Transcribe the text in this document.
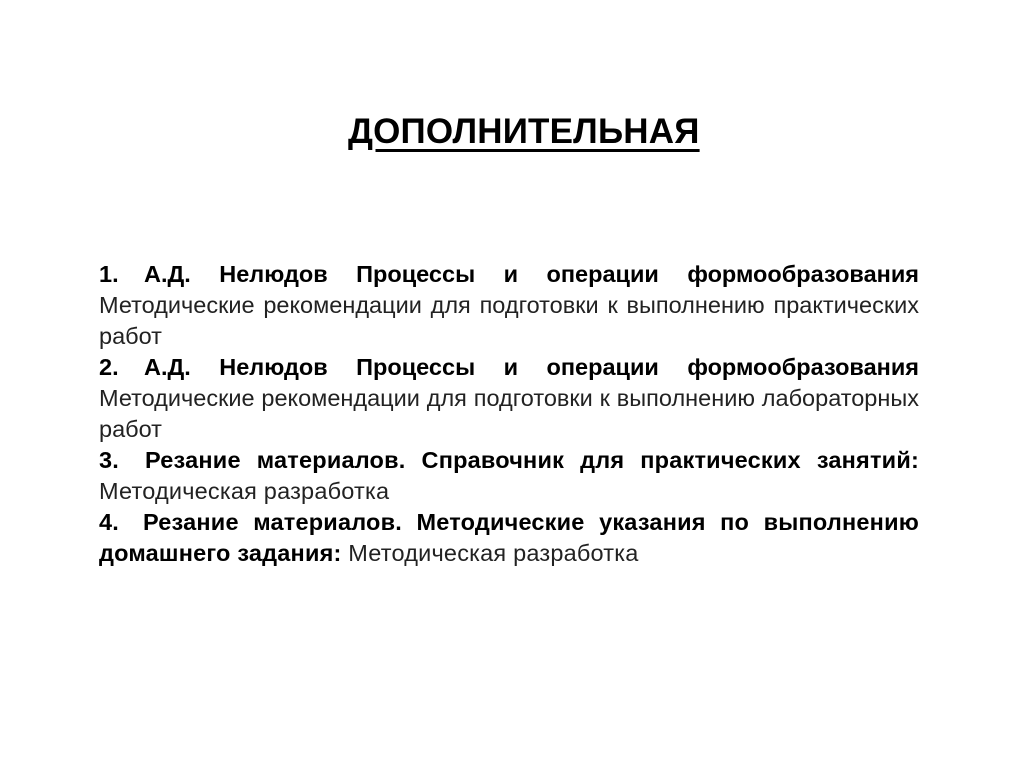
ДОПОЛНИТЕЛЬНАЯ
1. А.Д. Нелюдов Процессы и операции формообразования Методические рекомендации для подготовки к выполнению практических работ
2. А.Д. Нелюдов Процессы и операции формообразования Методические рекомендации для подготовки к выполнению лабораторных работ
3. Резание материалов. Справочник для практических занятий: Методическая разработка
4. Резание материалов. Методические указания по выполнению домашнего задания: Методическая разработка
